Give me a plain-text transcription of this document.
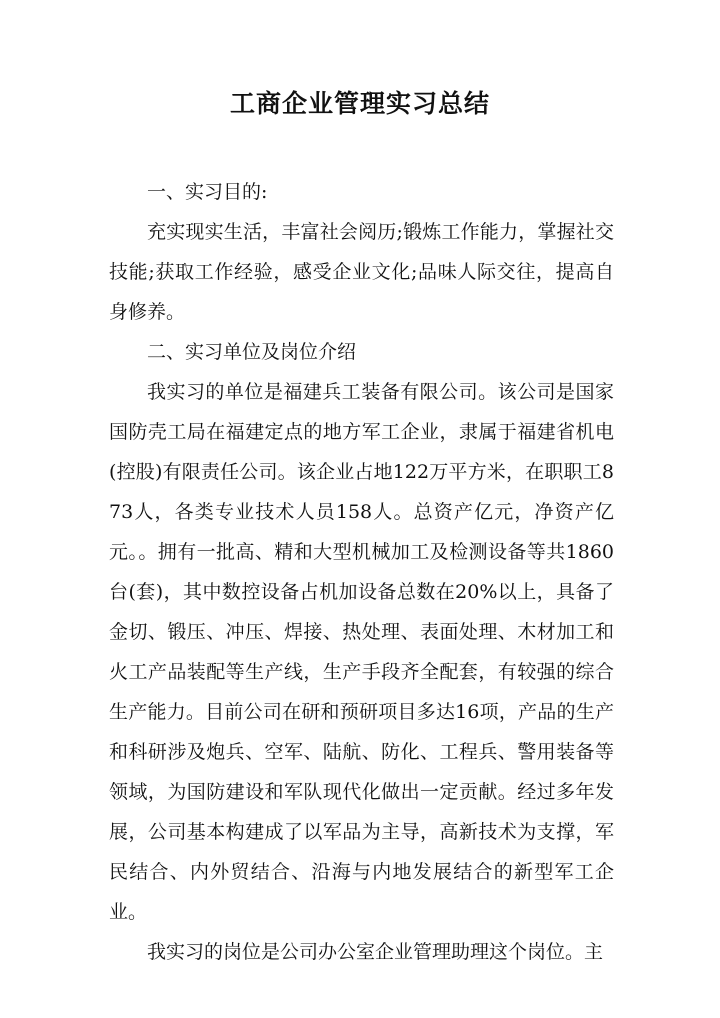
工商企业管理实习总结

一、实习目的:

充实现实生活，丰富社会阅历;锻炼工作能力，掌握社交技能;获取工作经验，感受企业文化;品味人际交往，提高自身修养。

二、实习单位及岗位介绍

我实习的单位是福建兵工装备有限公司。该公司是国家国防壳工局在福建定点的地方军工企业，隶属于福建省机电(控股)有限责任公司。该企业占地122万平方米，在职职工873人，各类专业技术人员158人。总资产亿元，净资产亿元。。拥有一批高、精和大型机械加工及检测设备等共1860台(套)，其中数控设备占机加设备总数在20%以上，具备了金切、锻压、冲压、焊接、热处理、表面处理、木材加工和火工产品装配等生产线，生产手段齐全配套，有较强的综合生产能力。目前公司在研和预研项目多达16项，产品的生产和科研涉及炮兵、空军、陆航、防化、工程兵、警用装备等领域，为国防建设和军队现代化做出一定贡献。经过多年发展，公司基本构建成了以军品为主导，高新技术为支撑，军民结合、内外贸结合、沿海与内地发展结合的新型军工企业。

我实习的岗位是公司办公室企业管理助理这个岗位。主
